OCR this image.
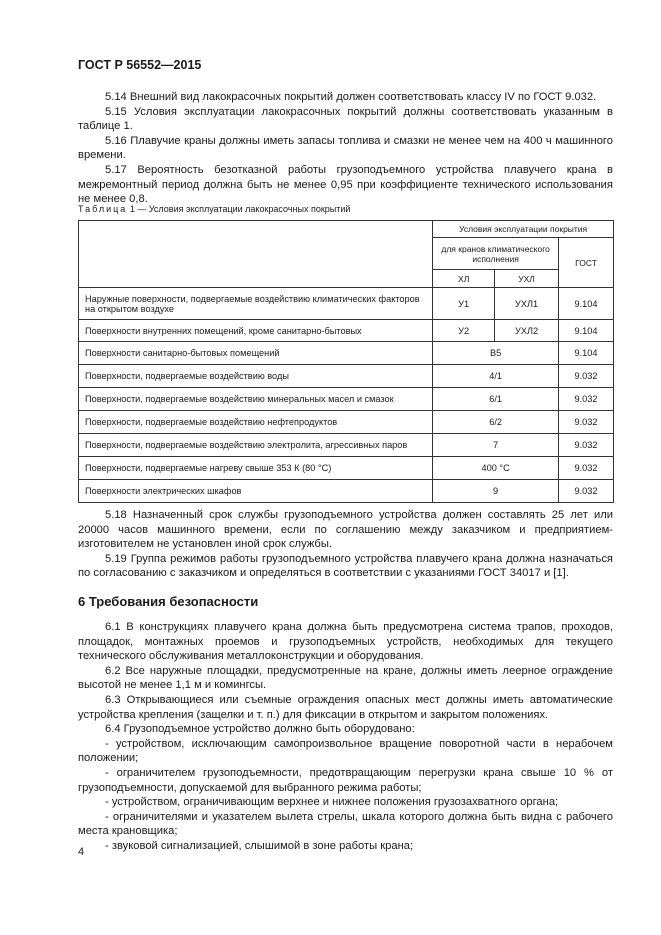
ГОСТ Р 56552—2015

5.14 Внешний вид лакокрасочных покрытий должен соответствовать классу IV по ГОСТ 9.032.

5.15 Условия эксплуатации лакокрасочных покрытий должны соответствовать указанным в таблице 1.

5.16 Плавучие краны должны иметь запасы топлива и смазки не менее чем на 400 ч машинного времени.

5.17 Вероятность безотказной работы грузоподъемного устройства плавучего крана в межремонтный период должна быть не менее 0,95 при коэффициенте технического использования не менее 0,8.

Таблица 1 — Условия эксплуатации лакокрасочных покрытий
	Условия эксплуатации покрытия		
	для кранов климатического исполнения		ГОСТ
	ХЛ	УХЛ	
Наружные поверхности, подвергаемые воздействию климатических факторов на открытом воздухе	У1	УХЛ1	9.104
Поверхности внутренних помещений, кроме санитарно-бытовых	У2	УХЛ2	9.104
Поверхности санитарно-бытовых помещений	В5		9.104
Поверхности, подвергаемые воздействию воды	4/1		9.032
Поверхности, подвергаемые воздействию минеральных масел и смазок	6/1		9.032
Поверхности, подвергаемые воздействию нефтепродуктов	6/2		9.032
Поверхности, подвергаемые воздействию электролита, агрессивных паров	7		9.032
Поверхности, подвергаемые нагреву свыше 353 К (80 °С)	400 °С		9.032
Поверхности электрических шкафов	9		9.032

5.18 Назначенный срок службы грузоподъемного устройства должен составлять 25 лет или 20000 часов машинного времени, если по соглашению между заказчиком и предприятием-изготовителем не установлен иной срок службы.

5.19 Группа режимов работы грузоподъемного устройства плавучего крана должна назначаться по согласованию с заказчиком и определяться в соответствии с указаниями ГОСТ 34017 и [1].

6 Требования безопасности

6.1 В конструкциях плавучего крана должна быть предусмотрена система трапов, проходов, площадок, монтажных проемов и грузоподъемных устройств, необходимых для текущего технического обслуживания металлоконструкции и оборудования.

6.2 Все наружные площадки, предусмотренные на кране, должны иметь леерное ограждение высотой не менее 1,1 м и комингсы.

6.3 Открывающиеся или съемные ограждения опасных мест должны иметь автоматические устройства крепления (защелки и т. п.) для фиксации в открытом и закрытом положениях.

6.4 Грузоподъемное устройство должно быть оборудовано:

- устройством, исключающим самопроизвольное вращение поворотной части в нерабочем положении;

- ограничителем грузоподъемности, предотвращающим перегрузки крана свыше 10 % от грузоподъемности, допускаемой для выбранного режима работы;

- устройством, ограничивающим верхнее и нижнее положения грузозахватного органа;

- ограничителями и указателем вылета стрелы, шкала которого должна быть видна с рабочего места крановщика;

- звуковой сигнализацией, слышимой в зоне работы крана;

4
